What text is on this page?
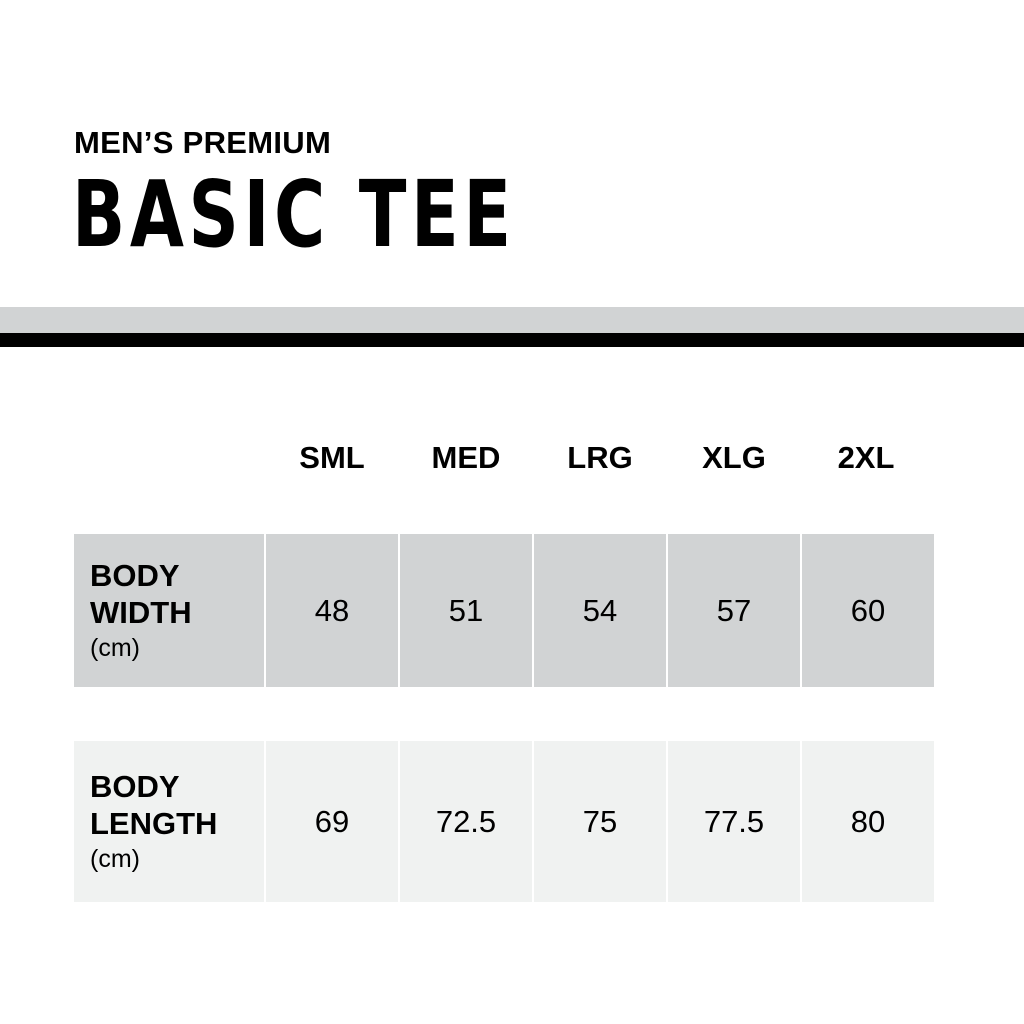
MEN’S PREMIUM
BASIC TEE
SML	MED	LRG	XLG	2XL
BODY
WIDTH
(cm)
48	51	54	57	60
BODY
LENGTH
(cm)
69	72.5	75	77.5	80
